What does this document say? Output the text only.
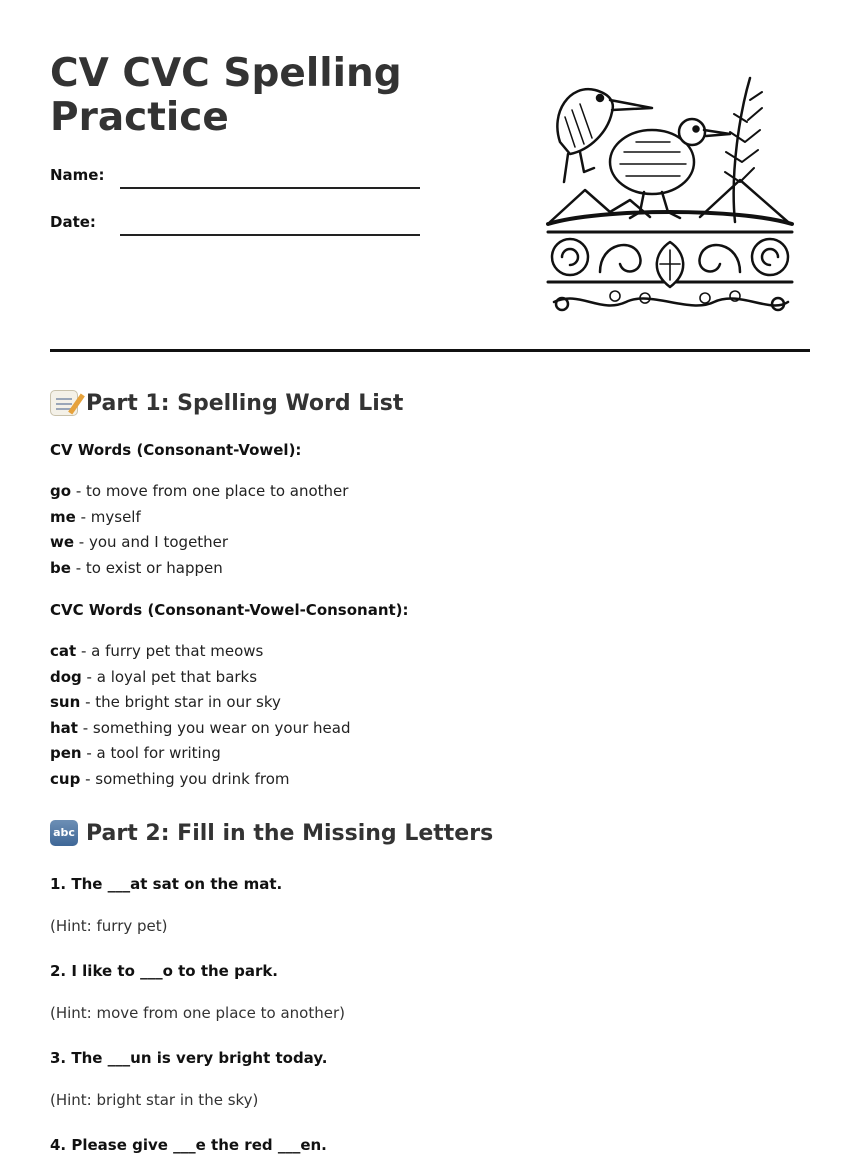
CV CVC Spelling Practice
Name:
Date:
Part 1: Spelling Word List

CV Words (Consonant-Vowel):

go - to move from one place to another
me - myself
we - you and I together
be - to exist or happen

CVC Words (Consonant-Vowel-Consonant):

cat - a furry pet that meows
dog - a loyal pet that barks
sun - the bright star in our sky
hat - something you wear on your head
pen - a tool for writing
cup - something you drink from
abc Part 2: Fill in the Missing Letters

1. The ___at sat on the mat.

(Hint: furry pet)

2. I like to ___o to the park.

(Hint: move from one place to another)

3. The ___un is very bright today.

(Hint: bright star in the sky)

4. Please give ___e the red ___en.
